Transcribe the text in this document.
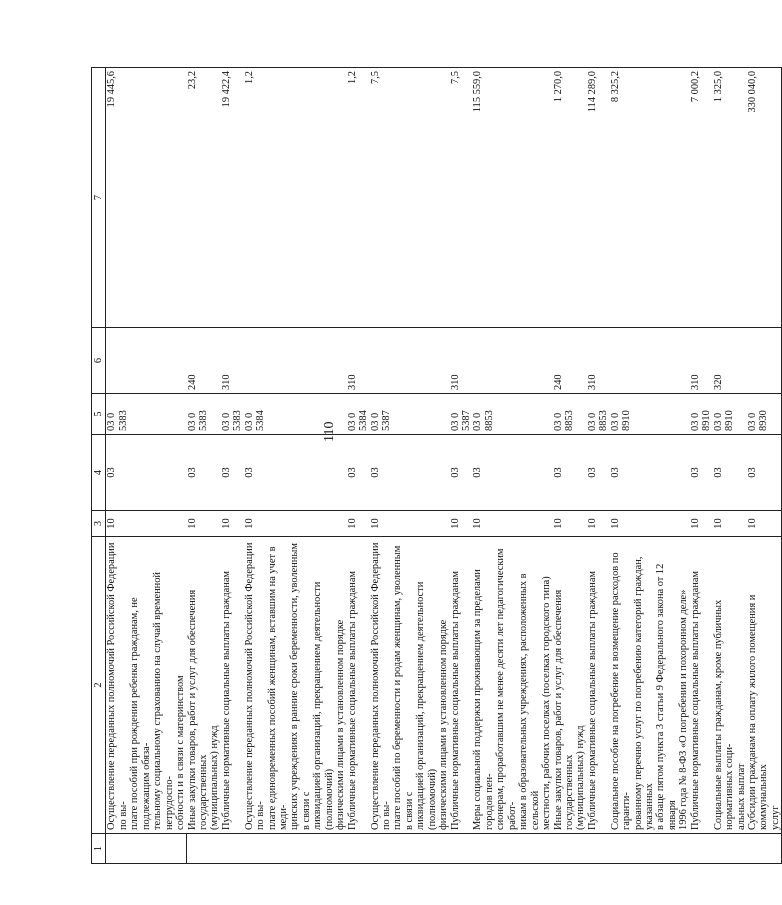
110
1	2	3	4	5	6	7
	Осуществление переданных полномочий Российской Федерации по вы-
плате пособий при рождении ребенка гражданам, не подлежащим обяза-
тельному социальному страхованию на случай временной нетрудоспо-
собности и в связи с материнством	10	03	03 0 5383		19 445,6
	Иные закупки товаров, работ и услуг для обеспечения государственных
(муниципальных) нужд	10	03	03 0 5383	240	23,2
	Публичные нормативные социальные выплаты гражданам	10	03	03 0 5383	310	19 422,4
	Осуществление переданных полномочий Российской Федерации по вы-
плате единовременных пособий женщинам, вставшим на учет в меди-
цинских учреждениях в ранние сроки беременности, уволенным в связи с
ликвидацией организаций, прекращением деятельности (полномочий)
физическими лицами в установленном порядке	10	03	03 0 5384		1,2
	Публичные нормативные социальные выплаты гражданам	10	03	03 0 5384	310	1,2
	Осуществление переданных полномочий Российской Федерации по вы-
плате пособий по беременности и родам женщинам, уволенным в связи с
ликвидацией организаций, прекращением деятельности (полномочий)
физическими лицами в установленном порядке	10	03	03 0 5387		7,5
	Публичные нормативные социальные выплаты гражданам	10	03	03 0 5387	310	7,5
	Меры социальной поддержки проживающим за пределами городов пен-
сионерам, проработавшим не менее десяти лет педагогическим работ-
никам в образовательных учреждениях, расположенных в сельской
местности, рабочих поселках (поселках городского типа)	10	03	03 0 8853		115 559,0
	Иные закупки товаров, работ и услуг для обеспечения государственных
(муниципальных) нужд	10	03	03 0 8853	240	1 270,0
	Публичные нормативные социальные выплаты гражданам	10	03	03 0 8853	310	114 289,0
	Социальное пособие на погребение и возмещение расходов по гаранти-
рованному перечню услуг по погребению категорий граждан, указанных
в абзаце пятом пункта 3 статьи 9 Федерального закона от 12 января
1996 года № 8-ФЗ «О погребении и похоронном деле»	10	03	03 0 8910		8 325,2
	Публичные нормативные социальные выплаты гражданам	10	03	03 0 8910	310	7 000,2
	Социальные выплаты гражданам, кроме публичных нормативных соци-
альных выплат	10	03	03 0 8910	320	1 325,0
	Субсидии гражданам на оплату жилого помещения и коммунальных
услуг	10	03	03 0 8930		330 040,0
